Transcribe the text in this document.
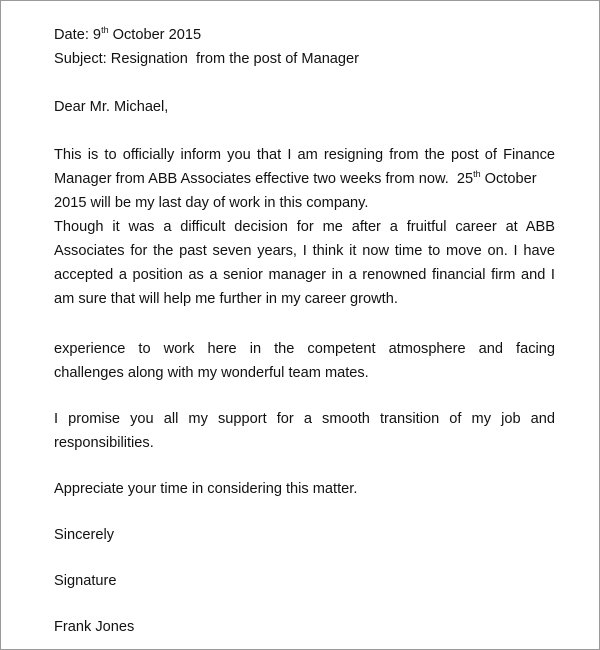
Date: 9th October 2015
Subject: Resignation  from the post of Manager
Dear Mr. Michael,
This is to officially inform you that I am resigning from the post of Finance
Manager from ABB Associates effective two weeks from now.  25th October
2015 will be my last day of work in this company.
Though it was a difficult decision for me after a fruitful career at ABB
Associates for the past seven years, I think it now time to move on. I have
accepted a position as a senior manager in a renowned financial firm and I
am sure that will help me further in my career growth.
experience to work here in the competent atmosphere and facing
challenges along with my wonderful team mates.
I promise you all my support for a smooth transition of my job and
responsibilities.
Appreciate your time in considering this matter.
Sincerely
Signature
Frank Jones
